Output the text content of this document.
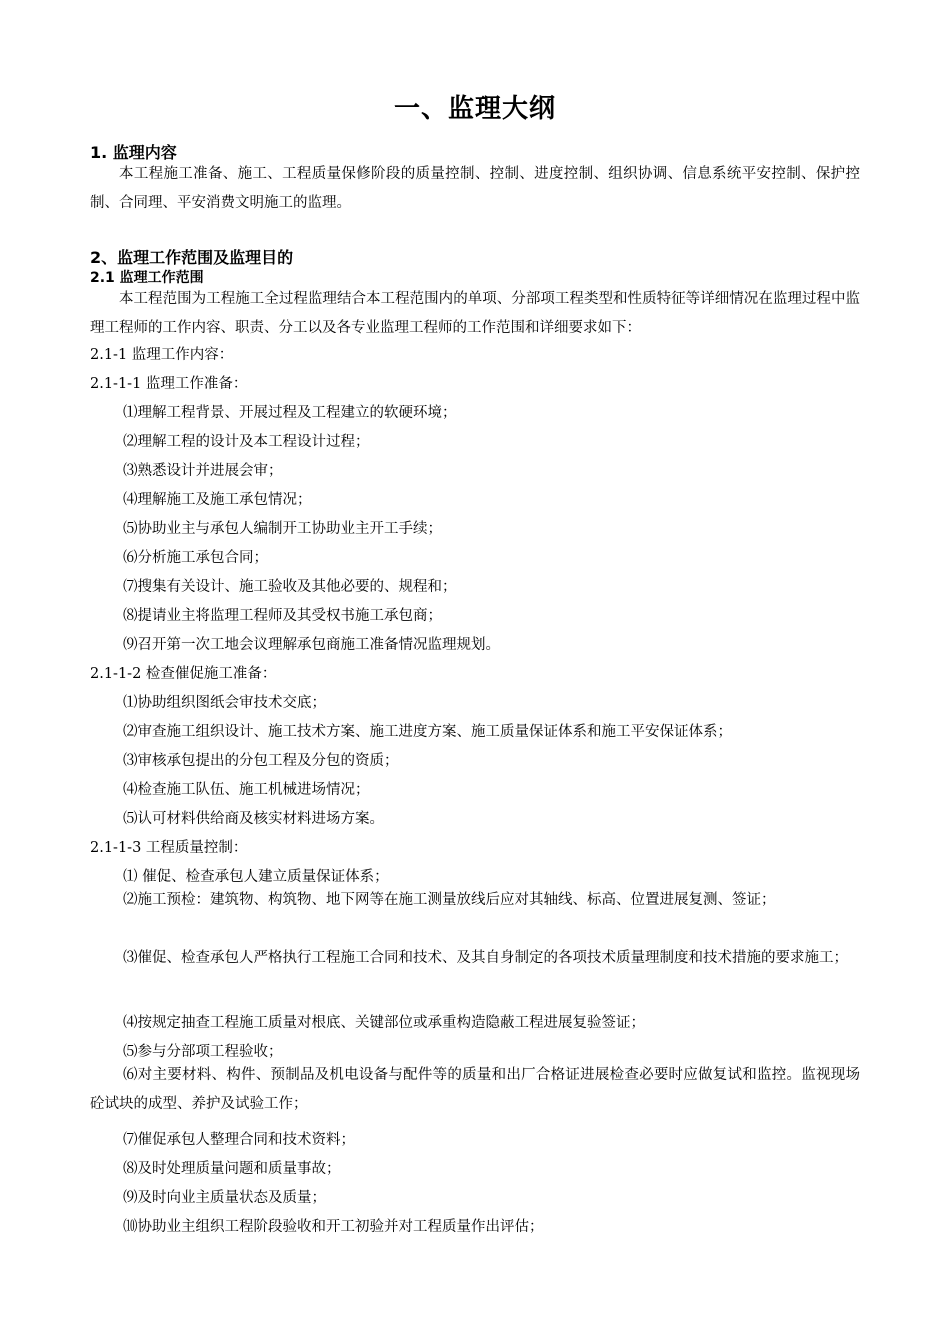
一、监理大纲
1. 监理内容
本工程施工准备、施工、工程质量保修阶段的质量控制、控制、进度控制、组织协调、信息系统平安控制、保护控制、合同理、平安消费文明施工的监理。
2、监理工作范围及监理目的
2.1 监理工作范围
本工程范围为工程施工全过程监理结合本工程范围内的单项、分部项工程类型和性质特征等详细情况在监理过程中监理工程师的工作内容、职责、分工以及各专业监理工程师的工作范围和详细要求如下：
2.1-1 监理工作内容：
2.1-1-1 监理工作准备：
⑴理解工程背景、开展过程及工程建立的软硬环境；
⑵理解工程的设计及本工程设计过程；
⑶熟悉设计并进展会审；
⑷理解施工及施工承包情况；
⑸协助业主与承包人编制开工协助业主开工手续；
⑹分析施工承包合同；
⑺搜集有关设计、施工验收及其他必要的、规程和；
⑻提请业主将监理工程师及其受权书施工承包商；
⑼召开第一次工地会议理解承包商施工准备情况监理规划。
2.1-1-2 检查催促施工准备：
⑴协助组织图纸会审技术交底；
⑵审查施工组织设计、施工技术方案、施工进度方案、施工质量保证体系和施工平安保证体系；
⑶审核承包提出的分包工程及分包的资质；
⑷检查施工队伍、施工机械进场情况；
⑸认可材料供给商及核实材料进场方案。
2.1-1-3 工程质量控制：
⑴ 催促、检查承包人建立质量保证体系；
⑵施工预检：建筑物、构筑物、地下网等在施工测量放线后应对其轴线、标高、位置进展复测、签证；
⑶催促、检查承包人严格执行工程施工合同和技术、及其自身制定的各项技术质量理制度和技术措施的要求施工；
⑷按规定抽查工程施工质量对根底、关键部位或承重构造隐蔽工程进展复验签证；
⑸参与分部项工程验收；
⑹对主要材料、构件、预制品及机电设备与配件等的质量和出厂合格证进展检查必要时应做复试和监控。监视现场砼试块的成型、养护及试验工作；
⑺催促承包人整理合同和技术资料；
⑻及时处理质量问题和质量事故；
⑼及时向业主质量状态及质量；
⑽协助业主组织工程阶段验收和开工初验并对工程质量作出评估；
